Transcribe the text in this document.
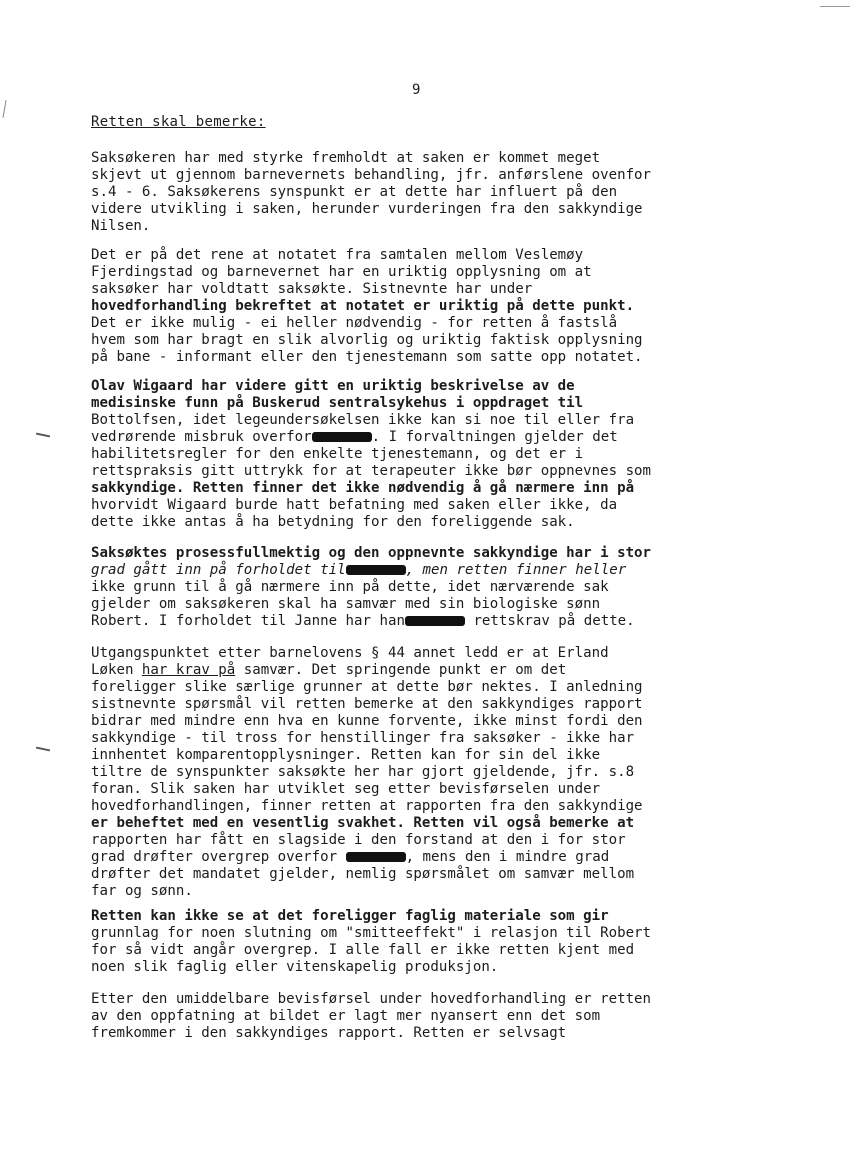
9
Retten skal bemerke:
Saksøkeren har med styrke fremholdt at saken er kommet meget
skjevt ut gjennom barnevernets behandling, jfr. anførslene ovenfor
s.4 - 6. Saksøkerens synspunkt er at dette har influert på den
videre utvikling i saken, herunder vurderingen fra den sakkyndige
Nilsen.
Det er på det rene at notatet fra samtalen mellom Veslemøy
Fjerdingstad og barnevernet har en uriktig opplysning om at
saksøker har voldtatt saksøkte. Sistnevnte har under
hovedforhandling bekreftet at notatet er uriktig på dette punkt.
Det er ikke mulig - ei heller nødvendig - for retten å fastslå
hvem som har bragt en slik alvorlig og uriktig faktisk opplysning
på bane - informant eller den tjenestemann som satte opp notatet.
Olav Wigaard har videre gitt en uriktig beskrivelse av de
medisinske funn på Buskerud sentralsykehus i oppdraget til
Bottolfsen, idet legeundersøkelsen ikke kan si noe til eller fra
vedrørende misbruk overfor	. I forvaltningen gjelder det
habilitetsregler for den enkelte tjenestemann, og det er i
rettspraksis gitt uttrykk for at terapeuter ikke bør oppnevnes som
sakkyndige. Retten finner det ikke nødvendig å gå nærmere inn på
hvorvidt Wigaard burde hatt befatning med saken eller ikke, da
dette ikke antas å ha betydning for den foreliggende sak.
Saksøktes prosessfullmektig og den oppnevnte sakkyndige har i stor
grad gått inn på forholdet til	, men retten finner heller
ikke grunn til å gå nærmere inn på dette, idet nærværende sak
gjelder om saksøkeren skal ha samvær med sin biologiske sønn
Robert. I forholdet til Janne har han	rettskrav på dette.
Utgangspunktet etter barnelovens § 44 annet ledd er at Erland
Løken har krav på samvær. Det springende punkt er om det
foreligger slike særlige grunner at dette bør nektes. I anledning
sistnevnte spørsmål vil retten bemerke at den sakkyndiges rapport
bidrar med mindre enn hva en kunne forvente, ikke minst fordi den
sakkyndige - til tross for henstillinger fra saksøker - ikke har
innhentet komparentopplysninger. Retten kan for sin del ikke
tiltre de synspunkter saksøkte her har gjort gjeldende, jfr. s.8
foran. Slik saken har utviklet seg etter bevisførselen under
hovedforhandlingen, finner retten at rapporten fra den sakkyndige
er beheftet med en vesentlig svakhet. Retten vil også bemerke at
rapporten har fått en slagside i den forstand at den i for stor
grad drøfter overgrep overfor	, mens den i mindre grad
drøfter det mandatet gjelder, nemlig spørsmålet om samvær mellom
far og sønn.
Retten kan ikke se at det foreligger faglig materiale som gir
grunnlag for noen slutning om "smitteeffekt" i relasjon til Robert
for så vidt angår overgrep. I alle fall er ikke retten kjent med
noen slik faglig eller vitenskapelig produksjon.
Etter den umiddelbare bevisførsel under hovedforhandling er retten
av den oppfatning at bildet er lagt mer nyansert enn det som
fremkommer i den sakkyndiges rapport. Retten er selvsagt
